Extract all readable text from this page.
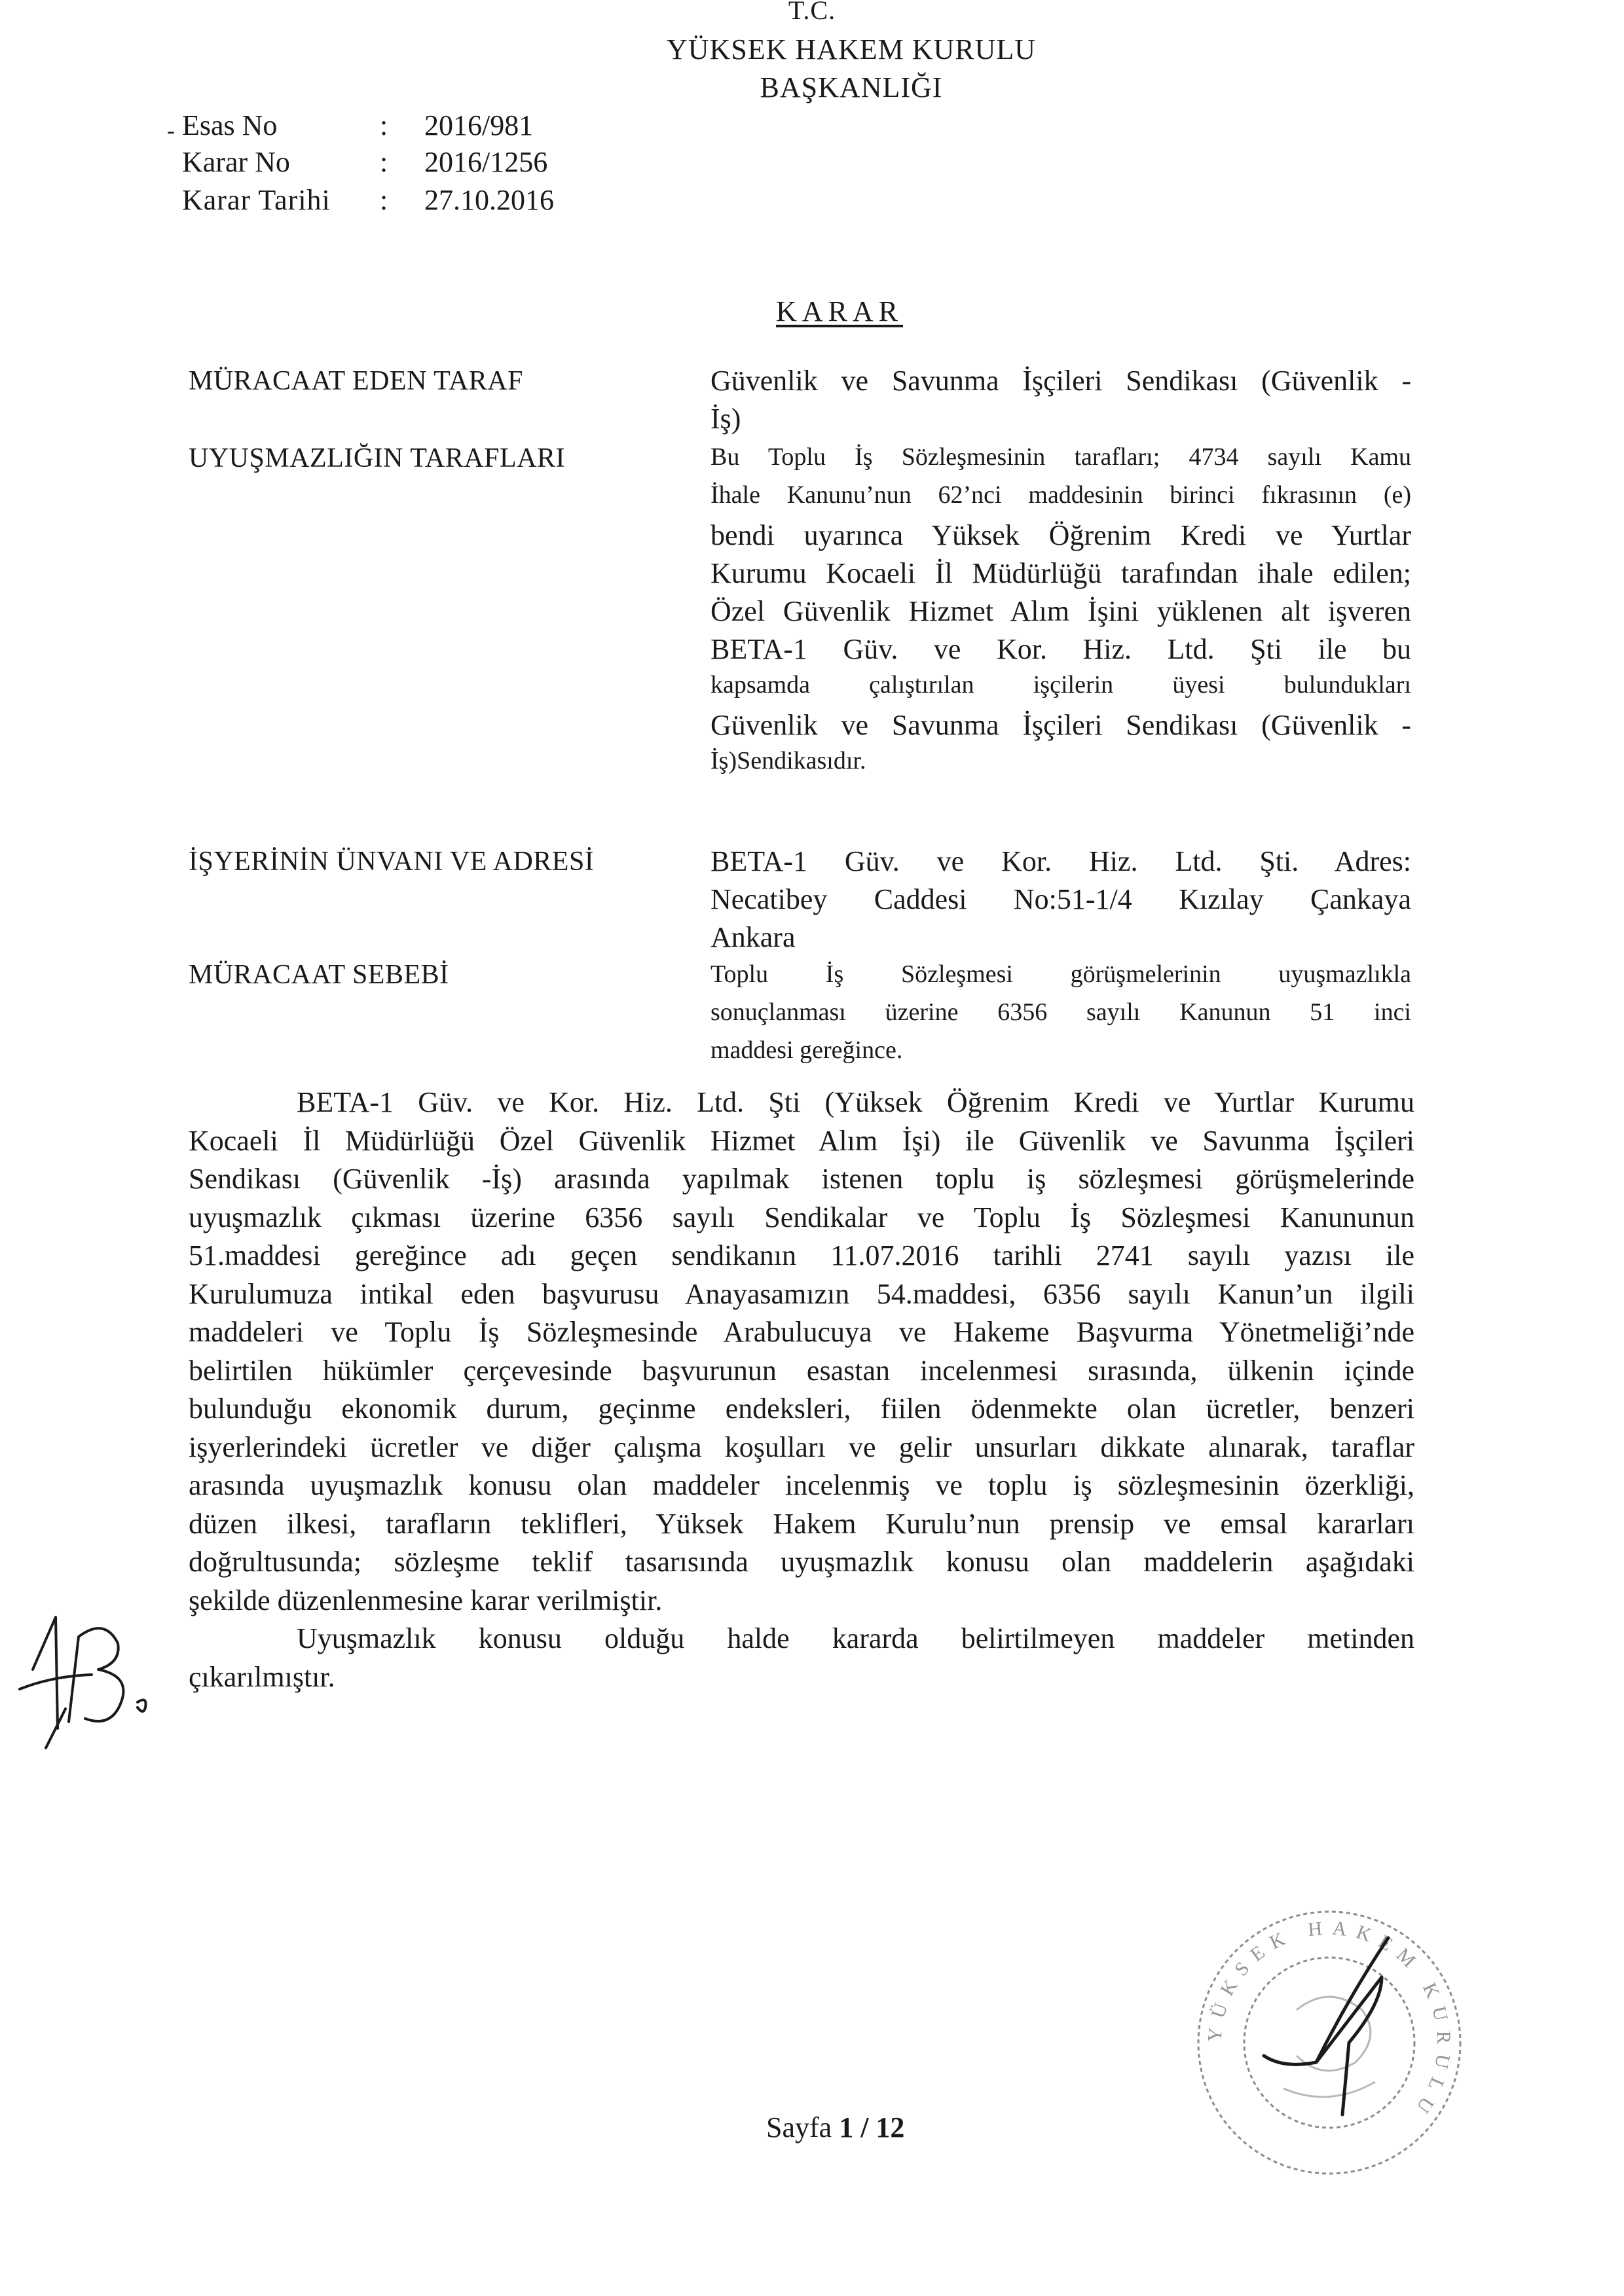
T.C.
YÜKSEK HAKEM KURULU
BAŞKANLIĞI
- Esas No	: 2016/981
Karar No	: 2016/1256
Karar Tarihi : 27.10.2016
KARAR
MÜRACAAT EDEN TARAF	Güvenlik ve Savunma İşçileri Sendikası (Güvenlik -
İş)
UYUŞMAZLIĞIN TARAFLARI	Bu Toplu İş Sözleşmesinin tarafları; 4734 sayılı Kamu
İhale Kanunu’nun 62’nci maddesinin birinci fıkrasının (e)
bendi uyarınca Yüksek Öğrenim Kredi ve Yurtlar
Kurumu Kocaeli İl Müdürlüğü tarafından ihale edilen;
Özel Güvenlik Hizmet Alım İşini yüklenen alt işveren
BETA-1 Güv. ve Kor. Hiz. Ltd. Şti ile bu
kapsamda çalıştırılan işçilerin üyesi bulundukları
Güvenlik ve Savunma İşçileri Sendikası (Güvenlik -
İş)Sendikasıdır.
İŞYERİNİN ÜNVANI VE ADRESİ	BETA-1 Güv. ve Kor. Hiz. Ltd. Şti. Adres:
Necatibey Caddesi No:51-1/4 Kızılay Çankaya
Ankara
MÜRACAAT SEBEBİ	Toplu İş Sözleşmesi görüşmelerinin uyuşmazlıkla
sonuçlanması üzerine 6356 sayılı Kanunun 51 inci
maddesi gereğince.
BETA-1 Güv. ve Kor. Hiz. Ltd. Şti (Yüksek Öğrenim Kredi ve Yurtlar Kurumu
Kocaeli İl Müdürlüğü Özel Güvenlik Hizmet Alım İşi) ile Güvenlik ve Savunma İşçileri
Sendikası (Güvenlik -İş) arasında yapılmak istenen toplu iş sözleşmesi görüşmelerinde
uyuşmazlık çıkması üzerine 6356 sayılı Sendikalar ve Toplu İş Sözleşmesi Kanununun
51.maddesi gereğince adı geçen sendikanın 11.07.2016 tarihli 2741 sayılı yazısı ile
Kurulumuza intikal eden başvurusu Anayasamızın 54.maddesi, 6356 sayılı Kanun’un ilgili
maddeleri ve Toplu İş Sözleşmesinde Arabulucuya ve Hakeme Başvurma Yönetmeliği’nde
belirtilen hükümler çerçevesinde başvurunun esastan incelenmesi sırasında, ülkenin içinde
bulunduğu ekonomik durum, geçinme endeksleri, fiilen ödenmekte olan ücretler, benzeri
işyerlerindeki ücretler ve diğer çalışma koşulları ve gelir unsurları dikkate alınarak, taraflar
arasında uyuşmazlık konusu olan maddeler incelenmiş ve toplu iş sözleşmesinin özerkliği,
düzen ilkesi, tarafların teklifleri, Yüksek Hakem Kurulu’nun prensip ve emsal kararları
doğrultusunda; sözleşme teklif tasarısında uyuşmazlık konusu olan maddelerin aşağıdaki
şekilde düzenlenmesine karar verilmiştir.
Uyuşmazlık konusu olduğu halde kararda belirtilmeyen maddeler metinden
çıkarılmıştır.
Sayfa 1 / 12
YÜKSEK HAKEM KURULU
